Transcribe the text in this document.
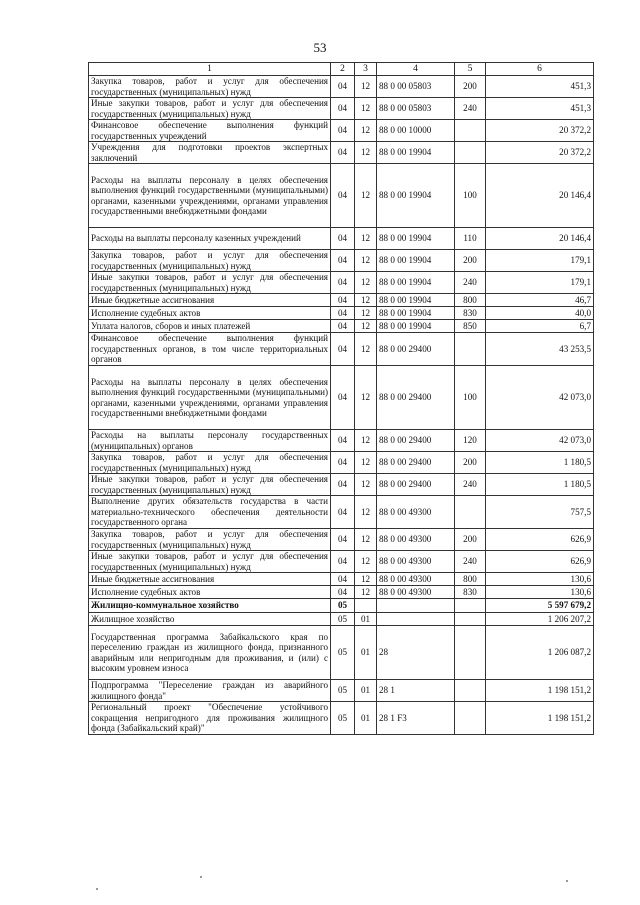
53
1	2	3	4	5	6
Закупка товаров, работ и услуг для обеспечения государственных (муниципальных) нужд	04	12	88 0 00 05803	200	451,3
Иные закупки товаров, работ и услуг для обеспечения государственных (муниципальных) нужд	04	12	88 0 00 05803	240	451,3
Финансовое обеспечение выполнения функций государственных учреждений	04	12	88 0 00 10000		20 372,2
Учреждения для подготовки проектов экспертных заключений	04	12	88 0 00 19904		20 372,2
Расходы на выплаты персоналу в целях обеспечения выполнения функций государственными (муниципальными) органами, казенными учреждениями, органами управления государственными внебюджетными фондами	04	12	88 0 00 19904	100	20 146,4
Расходы на выплаты персоналу казенных учреждений	04	12	88 0 00 19904	110	20 146,4
Закупка товаров, работ и услуг для обеспечения государственных (муниципальных) нужд	04	12	88 0 00 19904	200	179,1
Иные закупки товаров, работ и услуг для обеспечения государственных (муниципальных) нужд	04	12	88 0 00 19904	240	179,1
Иные бюджетные ассигнования	04	12	88 0 00 19904	800	46,7
Исполнение судебных актов	04	12	88 0 00 19904	830	40,0
Уплата налогов, сборов и иных платежей	04	12	88 0 00 19904	850	6,7
Финансовое обеспечение выполнения функций государственных органов, в том числе территориальных органов	04	12	88 0 00 29400		43 253,5
Расходы на выплаты персоналу в целях обеспечения выполнения функций государственными (муниципальными) органами, казенными учреждениями, органами управления государственными внебюджетными фондами	04	12	88 0 00 29400	100	42 073,0
Расходы на выплаты персоналу государственных (муниципальных) органов	04	12	88 0 00 29400	120	42 073,0
Закупка товаров, работ и услуг для обеспечения государственных (муниципальных) нужд	04	12	88 0 00 29400	200	1 180,5
Иные закупки товаров, работ и услуг для обеспечения государственных (муниципальных) нужд	04	12	88 0 00 29400	240	1 180,5
Выполнение других обязательств государства в части материально-технического обеспечения деятельности государственного органа	04	12	88 0 00 49300		757,5
Закупка товаров, работ и услуг для обеспечения государственных (муниципальных) нужд	04	12	88 0 00 49300	200	626,9
Иные закупки товаров, работ и услуг для обеспечения государственных (муниципальных) нужд	04	12	88 0 00 49300	240	626,9
Иные бюджетные ассигнования	04	12	88 0 00 49300	800	130,6
Исполнение судебных актов	04	12	88 0 00 49300	830	130,6
Жилищно-коммунальное хозяйство	05				5 597 679,2
Жилищное хозяйство	05	01			1 206 207,2
Государственная программа Забайкальского края по переселению граждан из жилищного фонда, признанного аварийным или непригодным для проживания, и (или) с высоким уровнем износа	05	01	28		1 206 087,2
Подпрограмма "Переселение граждан из аварийного жилищного фонда"	05	01	28 1		1 198 151,2
Региональный проект "Обеспечение устойчивого сокращения непригодного для проживания жилищного фонда (Забайкальский край)"	05	01	28 1 F3		1 198 151,2
